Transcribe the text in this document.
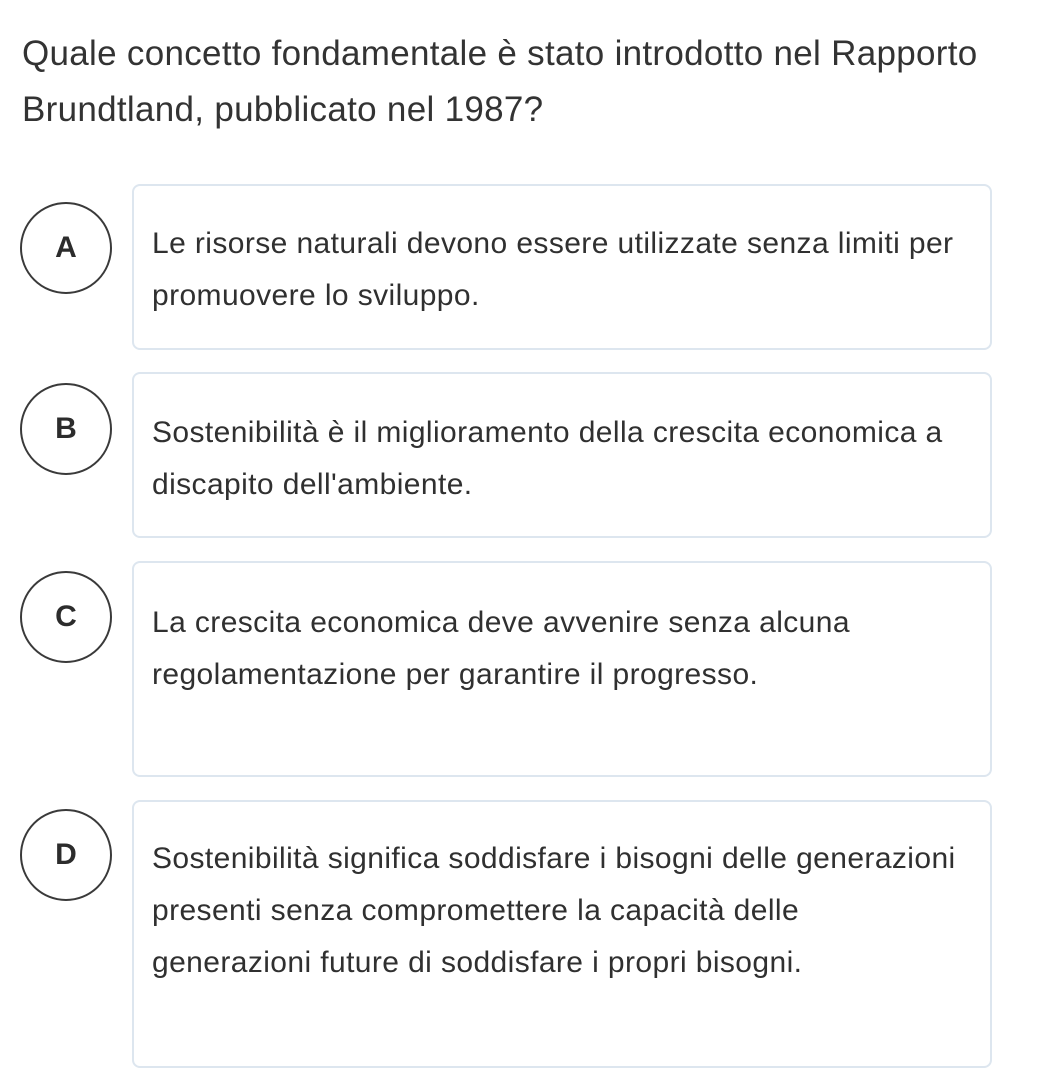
Quale concetto fondamentale è stato introdotto nel Rapporto Brundtland, pubblicato nel 1987?
A	Le risorse naturali devono essere utilizzate senza limiti per promuovere lo sviluppo.
B	Sostenibilità è il miglioramento della crescita economica a discapito dell'ambiente.
C	La crescita economica deve avvenire senza alcuna regolamentazione per garantire il progresso.
D	Sostenibilità significa soddisfare i bisogni delle generazioni presenti senza compromettere la capacità delle generazioni future di soddisfare i propri bisogni.
